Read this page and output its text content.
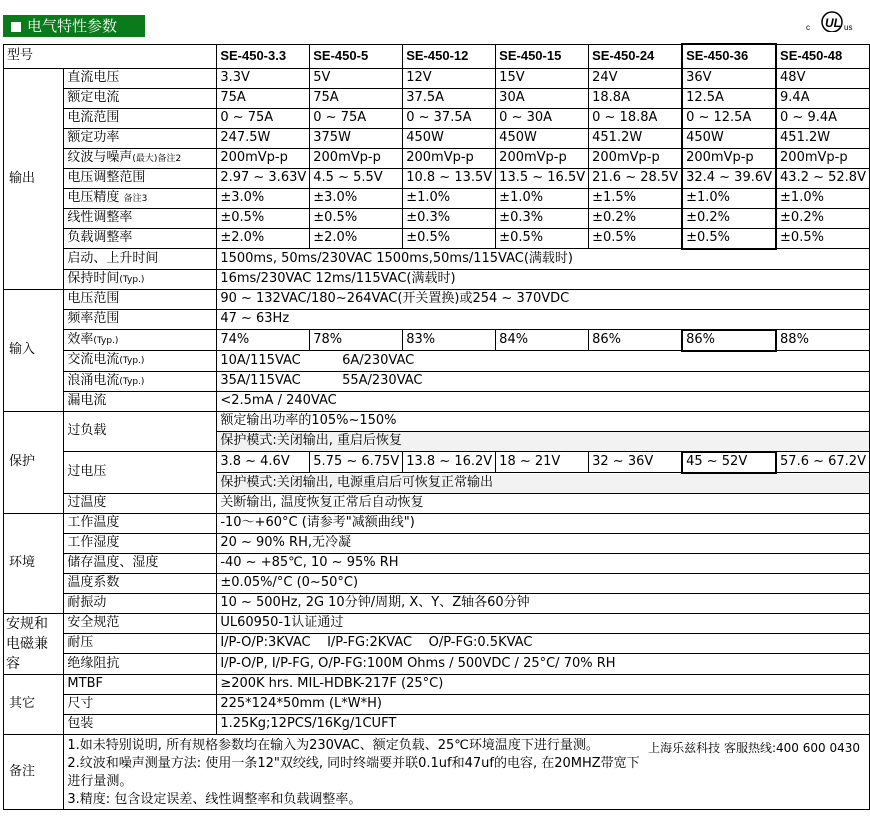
电气特性参数	c UL us
型号		SE-450-3.3	SE-450-5	SE-450-12	SE-450-15	SE-450-24	SE-450-36	SE-450-48
输出	直流电压	3.3V	5V	12V	15V	24V	36V	48V
	额定电流	75A	75A	37.5A	30A	18.8A	12.5A	9.4A
	电流范围	0 ~ 75A	0 ~ 75A	0 ~ 37.5A	0 ~ 30A	0 ~ 18.8A	0 ~ 12.5A	0 ~ 9.4A
	额定功率	247.5W	375W	450W	450W	451.2W	450W	451.2W
	纹波与噪声(最大)备注2	200mVp-p	200mVp-p	200mVp-p	200mVp-p	200mVp-p	200mVp-p	200mVp-p
	电压调整范围	2.97 ~ 3.63V	4.5 ~ 5.5V	10.8 ~ 13.5V	13.5 ~ 16.5V	21.6 ~ 28.5V	32.4 ~ 39.6V	43.2 ~ 52.8V
	电压精度 备注3	±3.0%	±3.0%	±1.0%	±1.0%	±1.5%	±1.0%	±1.0%
	线性调整率	±0.5%	±0.5%	±0.3%	±0.3%	±0.2%	±0.2%	±0.2%
	负载调整率	±2.0%	±2.0%	±0.5%	±0.5%	±0.5%	±0.5%	±0.5%
	启动、上升时间	1500ms, 50ms/230VAC 1500ms,50ms/115VAC(满载时)						
	保持时间(Typ.)	16ms/230VAC 12ms/115VAC(满载时)						
输入	电压范围	90 ~ 132VAC/180~264VAC(开关置换)或254 ~ 370VDC						
	频率范围	47 ~ 63Hz						
	效率(Typ.)	74%	78%	83%	84%	86%	86%	88%
	交流电流(Typ.)	10A/115VAC          6A/230VAC						
	浪涌电流(Typ.)	35A/115VAC          55A/230VAC						
	漏电流	<2.5mA / 240VAC						
保护	过负载	额定输出功率的105%~150%						
		保护模式:关闭输出, 重启后恢复						
	过电压	3.8 ~ 4.6V	5.75 ~ 6.75V	13.8 ~ 16.2V	18 ~ 21V	32 ~ 36V	45 ~ 52V	57.6 ~ 67.2V
		保护模式:关闭输出, 电源重启后可恢复正常输出						
	过温度	关断输出, 温度恢复正常后自动恢复						
环境	工作温度	-10～+60°C (请参考"减额曲线")						
	工作湿度	20 ~ 90% RH,无冷凝						
	储存温度、湿度	-40 ~ +85℃, 10 ~ 95% RH						
	温度系数	±0.05%/°C (0~50°C)						
	耐振动	10 ~ 500Hz, 2G 10分钟/周期, X、Y、Z轴各60分钟						
安规和电磁兼容	安全规范	UL60950-1认证通过						
	耐压	I/P-O/P:3KVAC    I/P-FG:2KVAC    O/P-FG:0.5KVAC						
	绝缘阻抗	I/P-O/P, I/P-FG, O/P-FG:100M Ohms / 500VDC / 25°C/ 70% RH						
其它	MTBF	≥200K hrs. MIL-HDBK-217F (25°C)						
	尺寸	225*124*50mm (L*W*H)						
	包装	1.25Kg;12PCS/16Kg/1CUFT						
备注	上海乐兹科技 客服热线:400 600 0430
1.如未特别说明, 所有规格参数均在输入为230VAC、额定负载、25℃环境温度下进行量测。
2.纹波和噪声测量方法: 使用一条12"双绞线, 同时终端要并联0.1uf和47uf的电容, 在20MHZ带宽下进行量测。
3.精度: 包含设定误差、线性调整率和负载调整率。							
